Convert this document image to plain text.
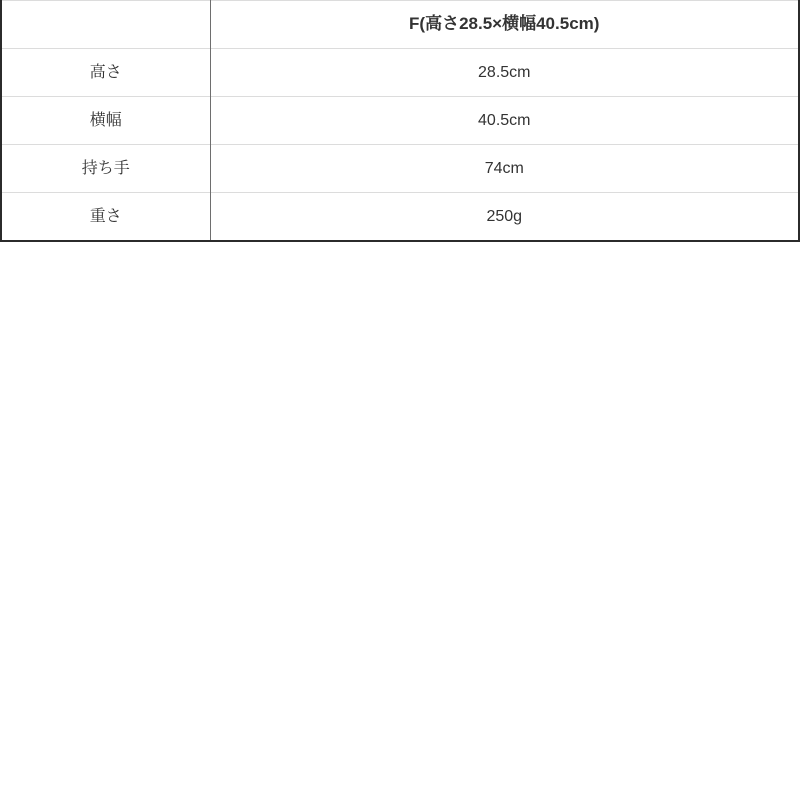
	F(高さ28.5×横幅40.5cm)
高さ	28.5cm
横幅	40.5cm
持ち手	74cm
重さ	250g
